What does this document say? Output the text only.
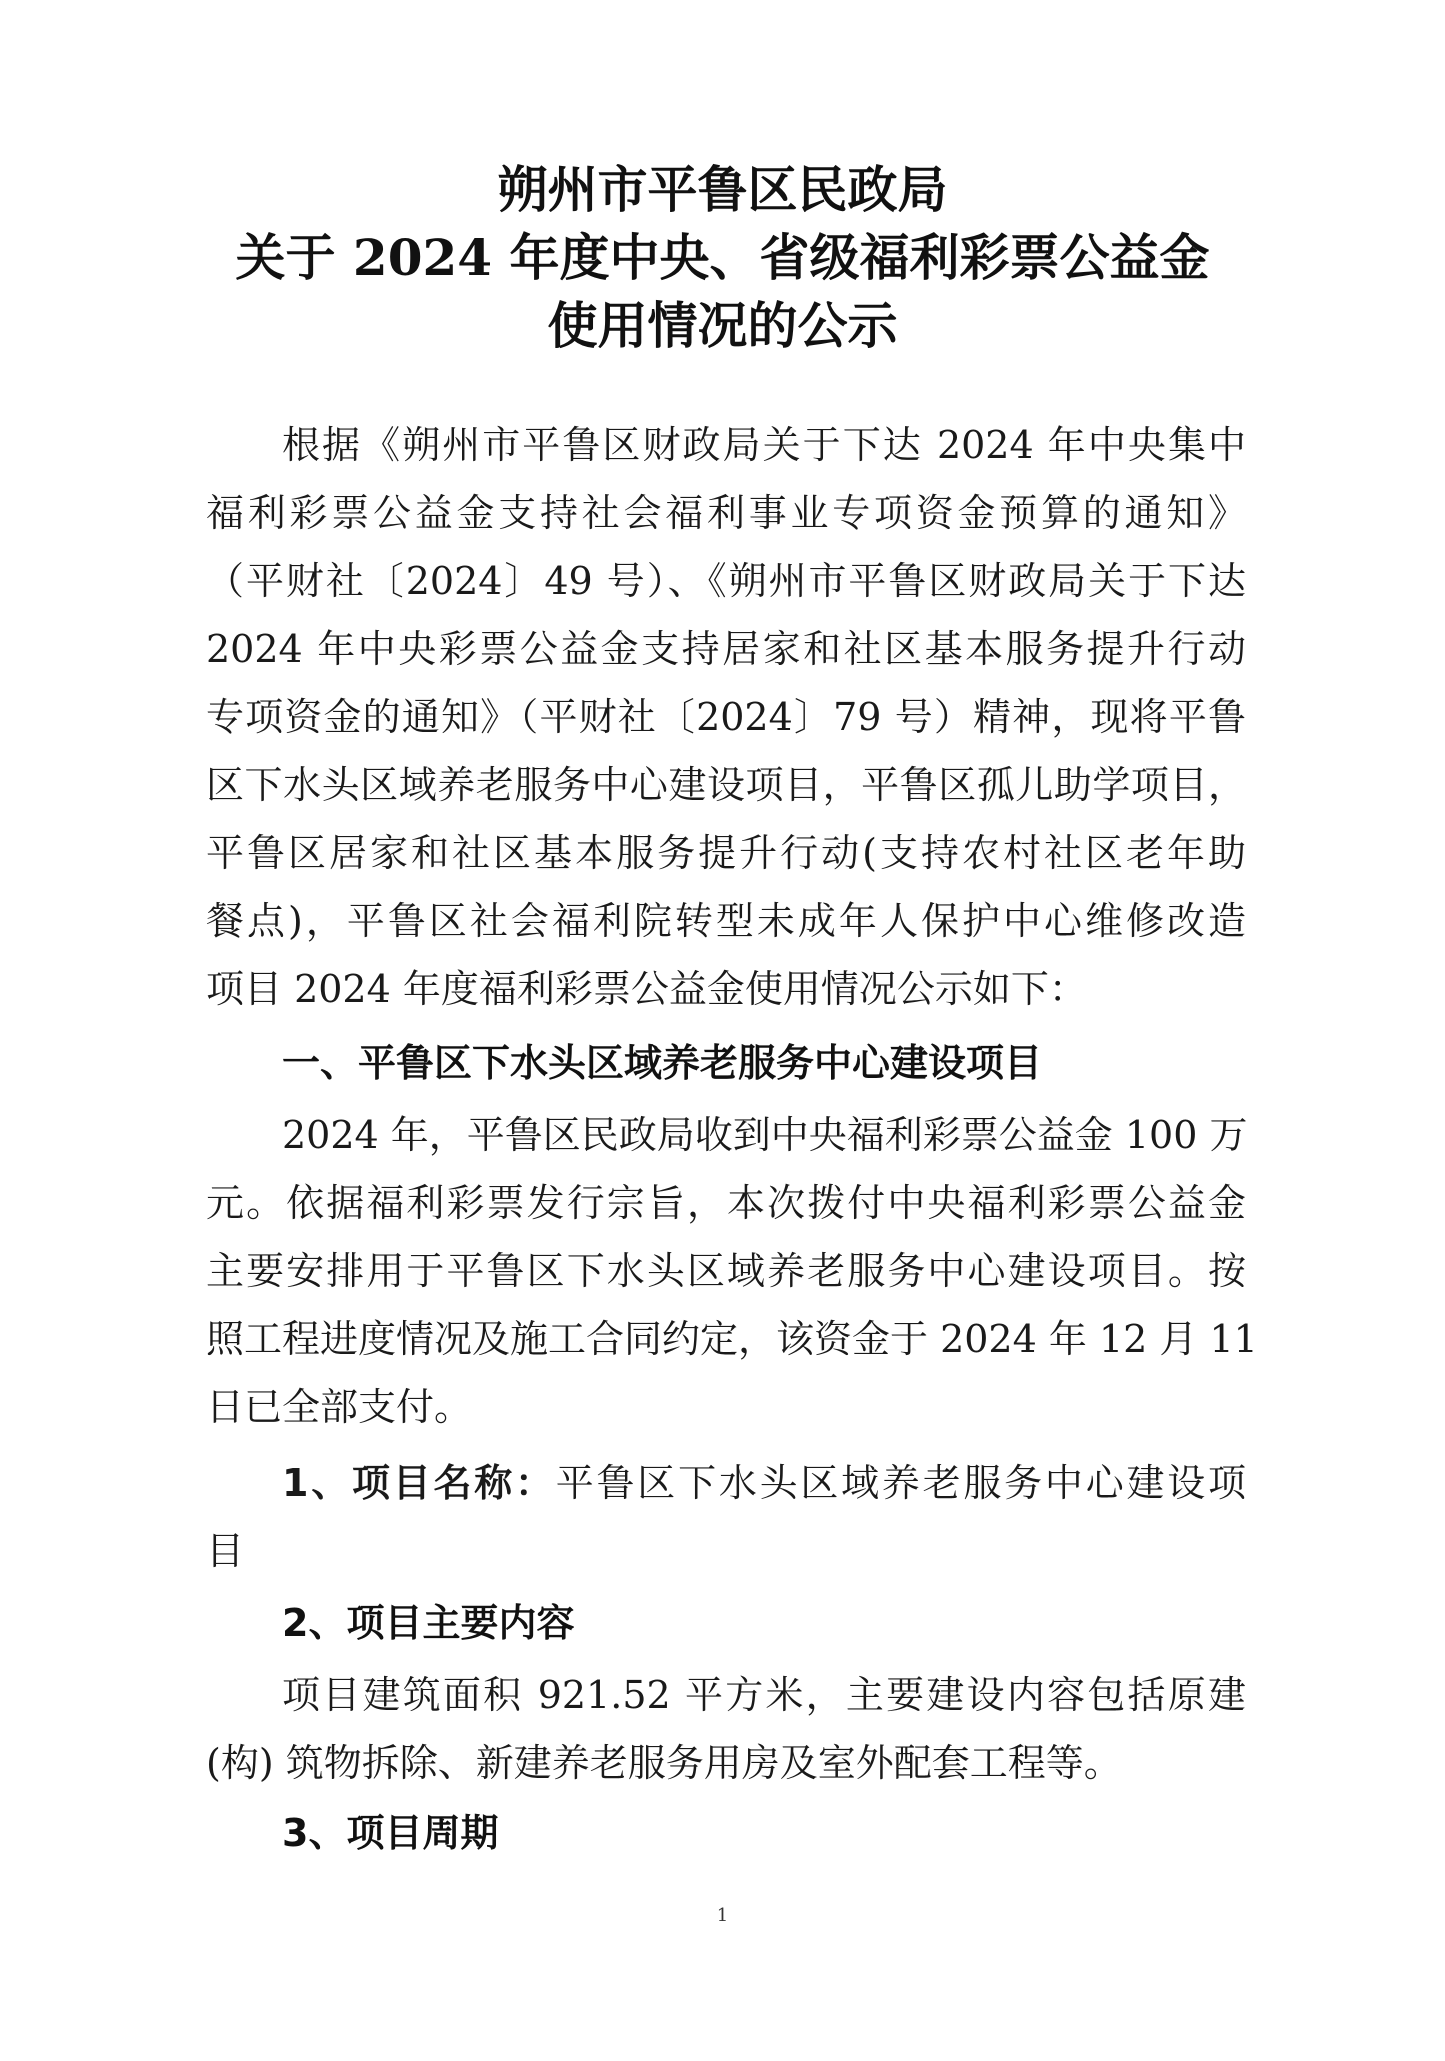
朔州市平鲁区民政局
关于 2024 年度中央、省级福利彩票公益金
使用情况的公示
根据《朔州市平鲁区财政局关于下达 2024 年中央集中
福利彩票公益金支持社会福利事业专项资金预算的通知》
（平财社〔2024〕49 号）、《朔州市平鲁区财政局关于下达
2024 年中央彩票公益金支持居家和社区基本服务提升行动
专项资金的通知》（平财社〔2024〕79 号）精神，现将平鲁
区下水头区域养老服务中心建设项目，平鲁区孤儿助学项目，
平鲁区居家和社区基本服务提升行动(支持农村社区老年助
餐点)，平鲁区社会福利院转型未成年人保护中心维修改造
项目 2024 年度福利彩票公益金使用情况公示如下：
一、平鲁区下水头区域养老服务中心建设项目
2024 年，平鲁区民政局收到中央福利彩票公益金 100 万
元。依据福利彩票发行宗旨，本次拨付中央福利彩票公益金
主要安排用于平鲁区下水头区域养老服务中心建设项目。按
照工程进度情况及施工合同约定，该资金于 2024 年 12 月 11
日已全部支付。
1、项目名称：平鲁区下水头区域养老服务中心建设项
目
2、项目主要内容
项目建筑面积 921.52 平方米，主要建设内容包括原建
(构) 筑物拆除、新建养老服务用房及室外配套工程等。
3、项目周期
1
